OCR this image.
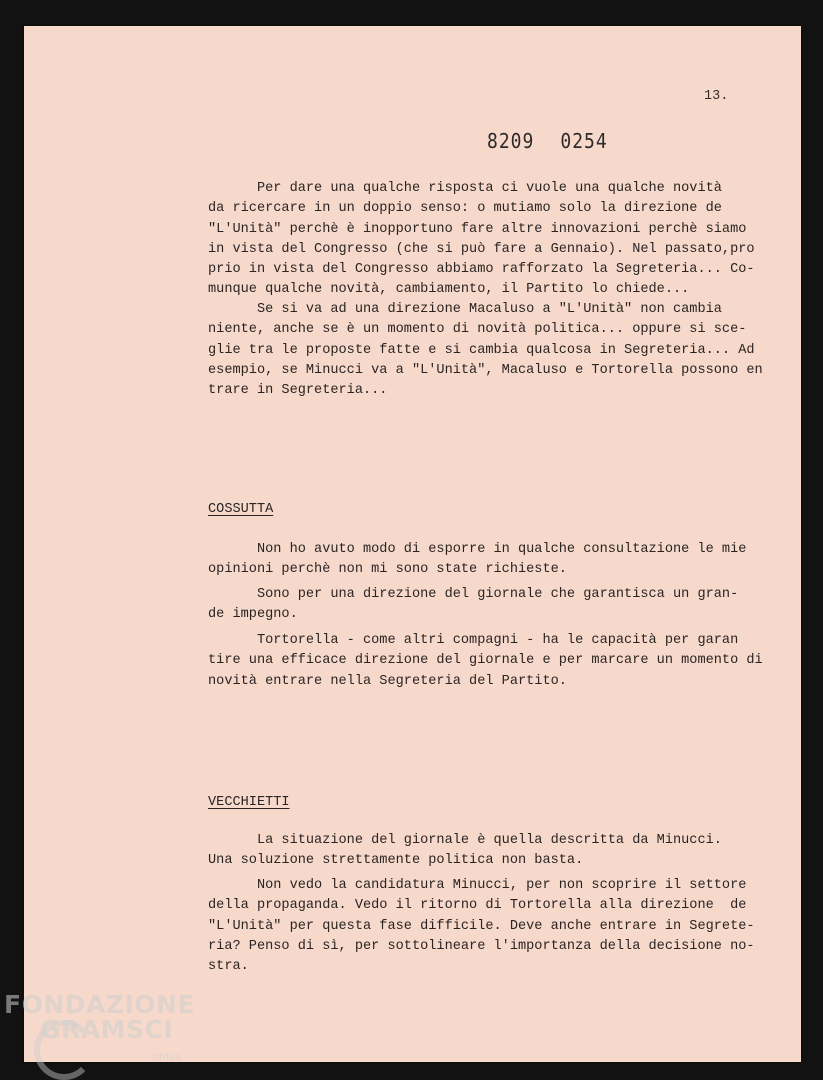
13.
8209 0254
Per dare una qualche risposta ci vuole una qualche novità
da ricercare in un doppio senso: o mutiamo solo la direzione de
"L'Unità" perchè è inopportuno fare altre innovazioni perchè siamo
in vista del Congresso (che si può fare a Gennaio). Nel passato,pro
prio in vista del Congresso abbiamo rafforzato la Segreteria... Co-
munque qualche novità, cambiamento, il Partito lo chiede...
Se si va ad una direzione Macaluso a "L'Unità" non cambia
niente, anche se è un momento di novità politica... oppure si sce-
glie tra le proposte fatte e si cambia qualcosa in Segreteria... Ad
esempio, se Minucci va a "L'Unità", Macaluso e Tortorella possono en
trare in Segreteria...
COSSUTTA
Non ho avuto modo di esporre in qualche consultazione le mie
opinioni perchè non mi sono state richieste.
Sono per una direzione del giornale che garantisca un gran-
de impegno.
Tortorella - come altri compagni - ha le capacità per garan
tire una efficace direzione del giornale e per marcare un momento di
novità entrare nella Segreteria del Partito.
VECCHIETTI
La situazione del giornale è quella descritta da Minucci.
Una soluzione strettamente politica non basta.
Non vedo la candidatura Minucci, per non scoprire il settore
della propaganda. Vedo il ritorno di Tortorella alla direzione  de
"L'Unità" per questa fase difficile. Deve anche entrare in Segrete-
ria? Penso di sì, per sottolineare l'importanza della decisione no-
stra.
FONDAZIONE
GRAMSCI
onlus
